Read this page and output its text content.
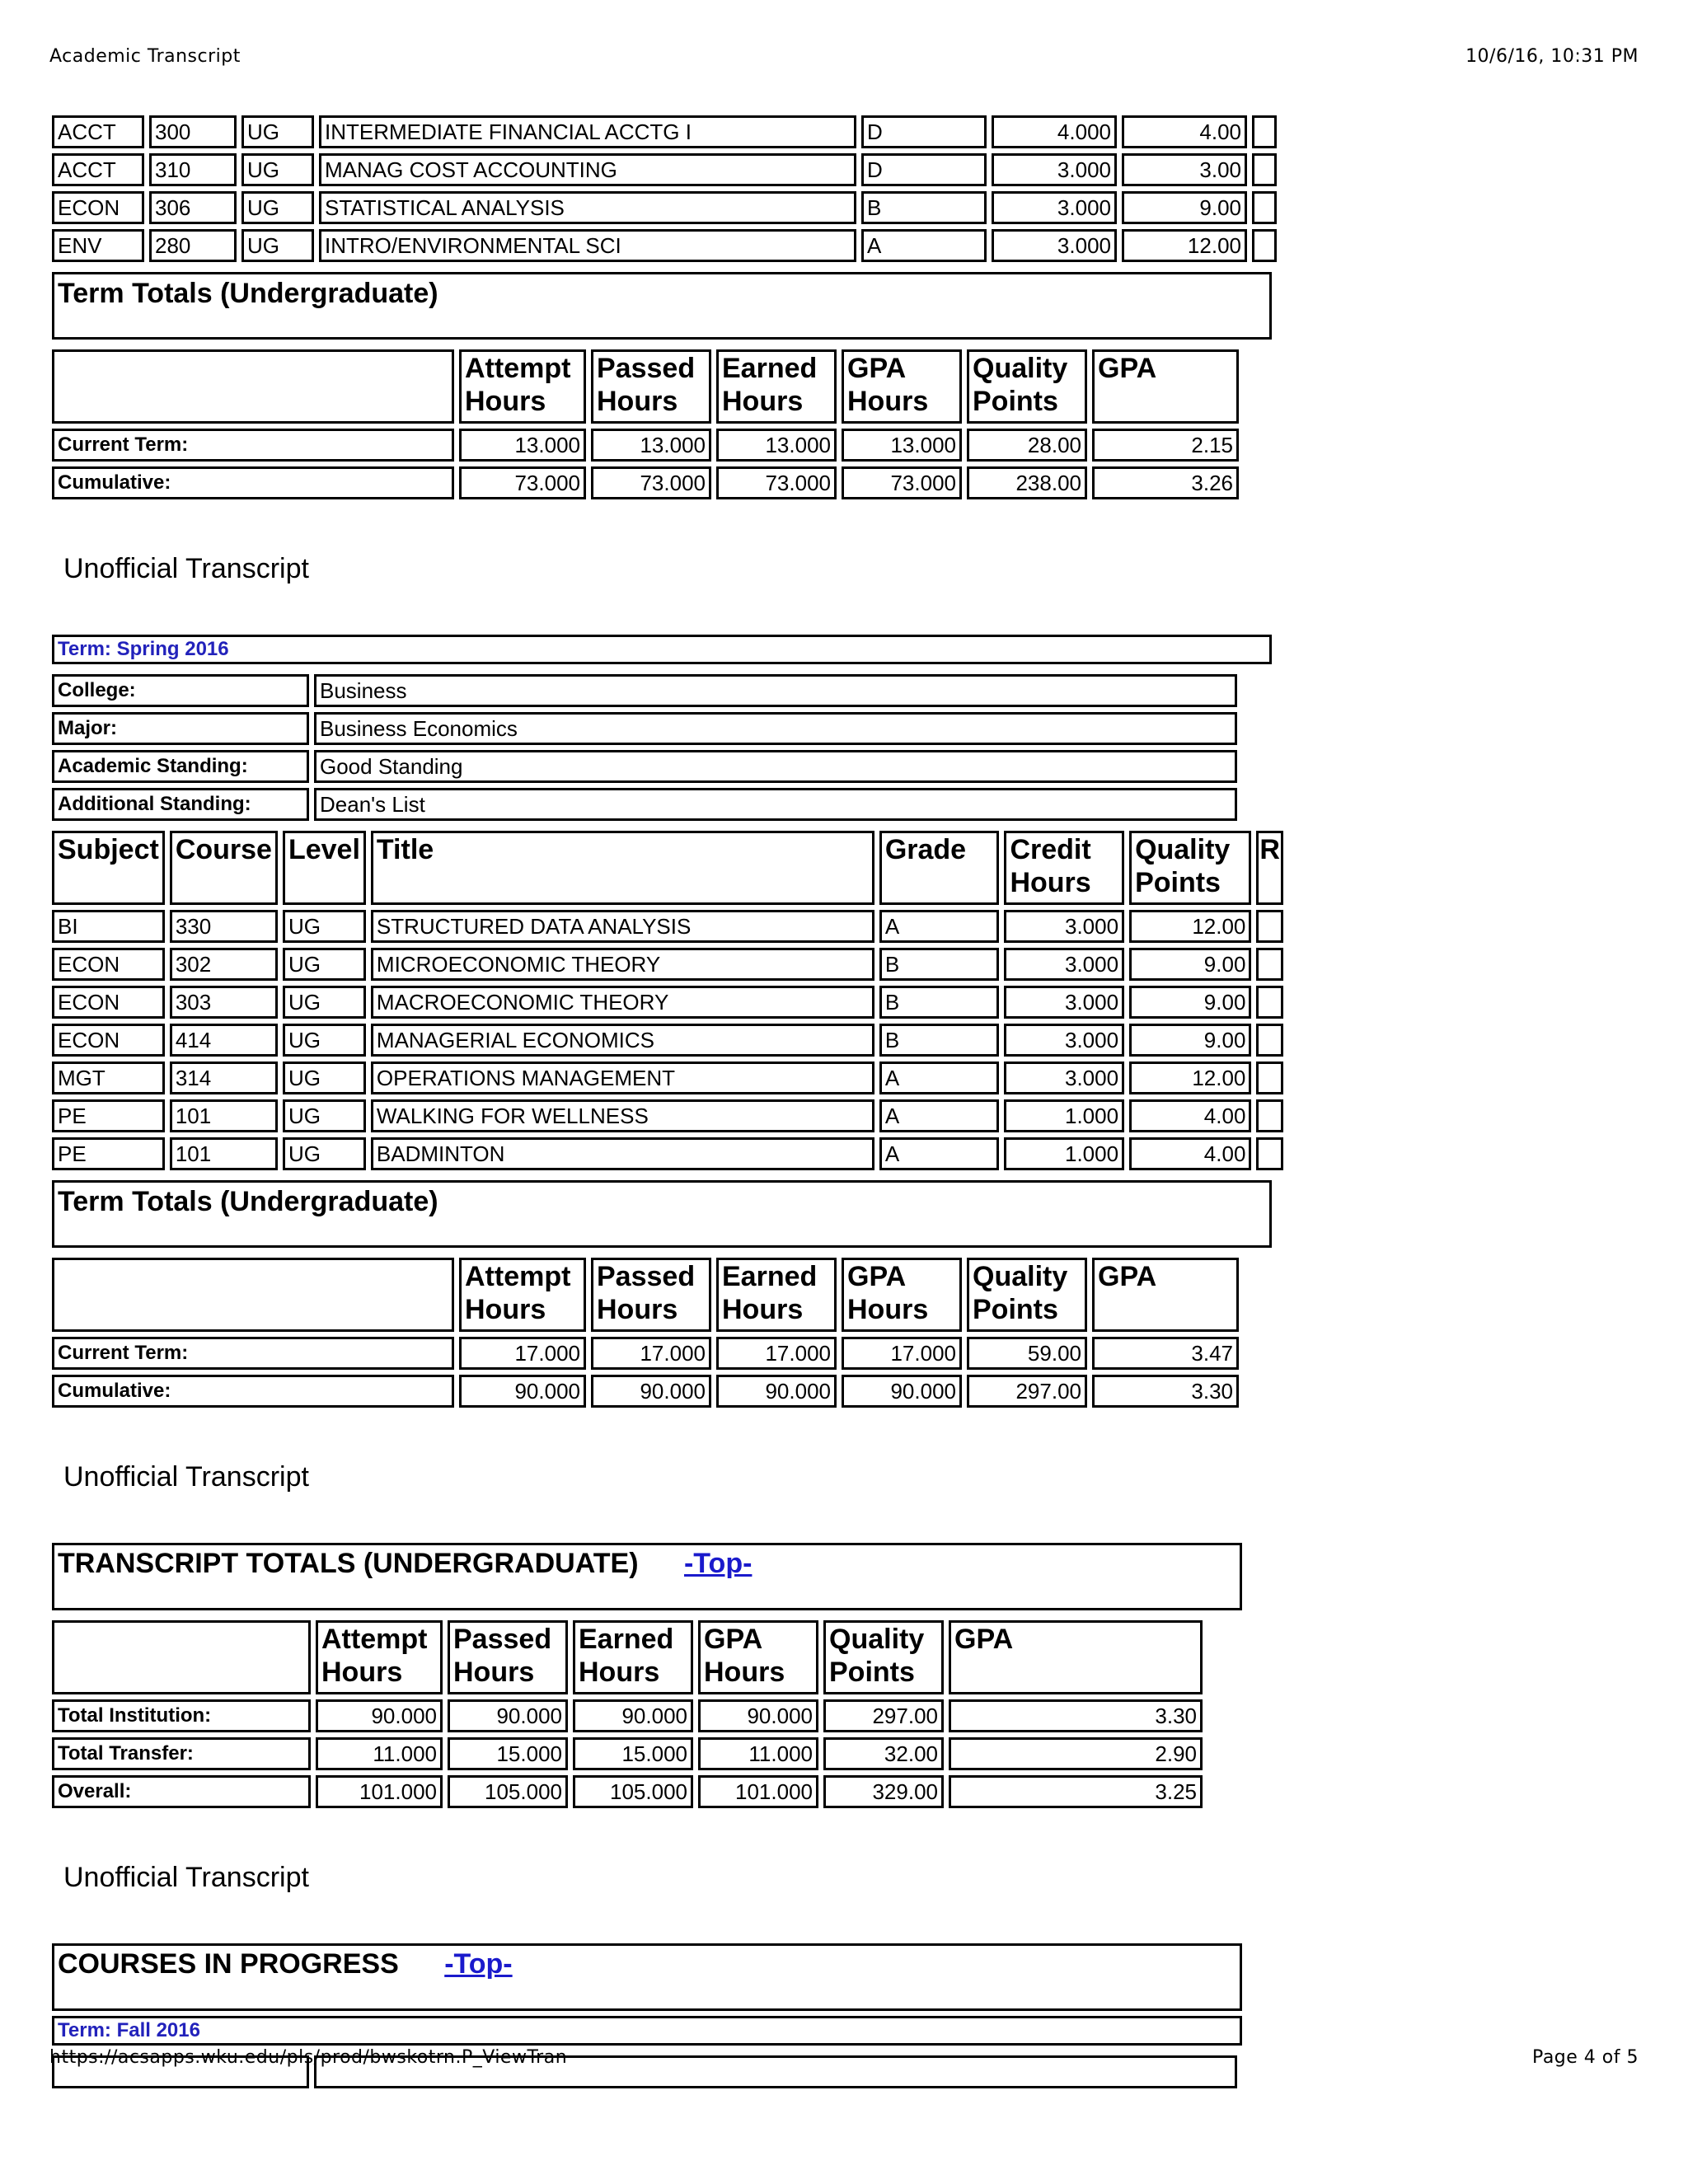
Academic Transcript	10/6/16, 10:31 PM
ACCT	300	UG	INTERMEDIATE FINANCIAL ACCTG I	D	4.000	4.00	
ACCT	310	UG	MANAG COST ACCOUNTING	D	3.000	3.00	
ECON	306	UG	STATISTICAL ANALYSIS	B	3.000	9.00	
ENV	280	UG	INTRO/ENVIRONMENTAL SCI	A	3.000	12.00	
Term Totals (Undergraduate)
	Attempt Hours	Passed Hours	Earned Hours	GPA Hours	Quality Points	GPA
Current Term:	13.000	13.000	13.000	13.000	28.00	2.15
Cumulative:	73.000	73.000	73.000	73.000	238.00	3.26
Unofficial Transcript
Term: Spring 2016
College:	Business
Major:	Business Economics
Academic Standing:	Good Standing
Additional Standing:	Dean's List
Subject	Course	Level	Title	Grade	Credit Hours	Quality Points	R
BI	330	UG	STRUCTURED DATA ANALYSIS	A	3.000	12.00	
ECON	302	UG	MICROECONOMIC THEORY	B	3.000	9.00	
ECON	303	UG	MACROECONOMIC THEORY	B	3.000	9.00	
ECON	414	UG	MANAGERIAL ECONOMICS	B	3.000	9.00	
MGT	314	UG	OPERATIONS MANAGEMENT	A	3.000	12.00	
PE	101	UG	WALKING FOR WELLNESS	A	1.000	4.00	
PE	101	UG	BADMINTON	A	1.000	4.00	
Term Totals (Undergraduate)
	Attempt Hours	Passed Hours	Earned Hours	GPA Hours	Quality Points	GPA
Current Term:	17.000	17.000	17.000	17.000	59.00	3.47
Cumulative:	90.000	90.000	90.000	90.000	297.00	3.30
Unofficial Transcript
TRANSCRIPT TOTALS (UNDERGRADUATE) -Top-
	Attempt Hours	Passed Hours	Earned Hours	GPA Hours	Quality Points	GPA
Total Institution:	90.000	90.000	90.000	90.000	297.00	3.30
Total Transfer:	11.000	15.000	15.000	11.000	32.00	2.90
Overall:	101.000	105.000	105.000	101.000	329.00	3.25
Unofficial Transcript
COURSES IN PROGRESS -Top-
Term: Fall 2016

https://acsapps.wku.edu/pls/prod/bwskotrn.P_ViewTran	Page 4 of 5
